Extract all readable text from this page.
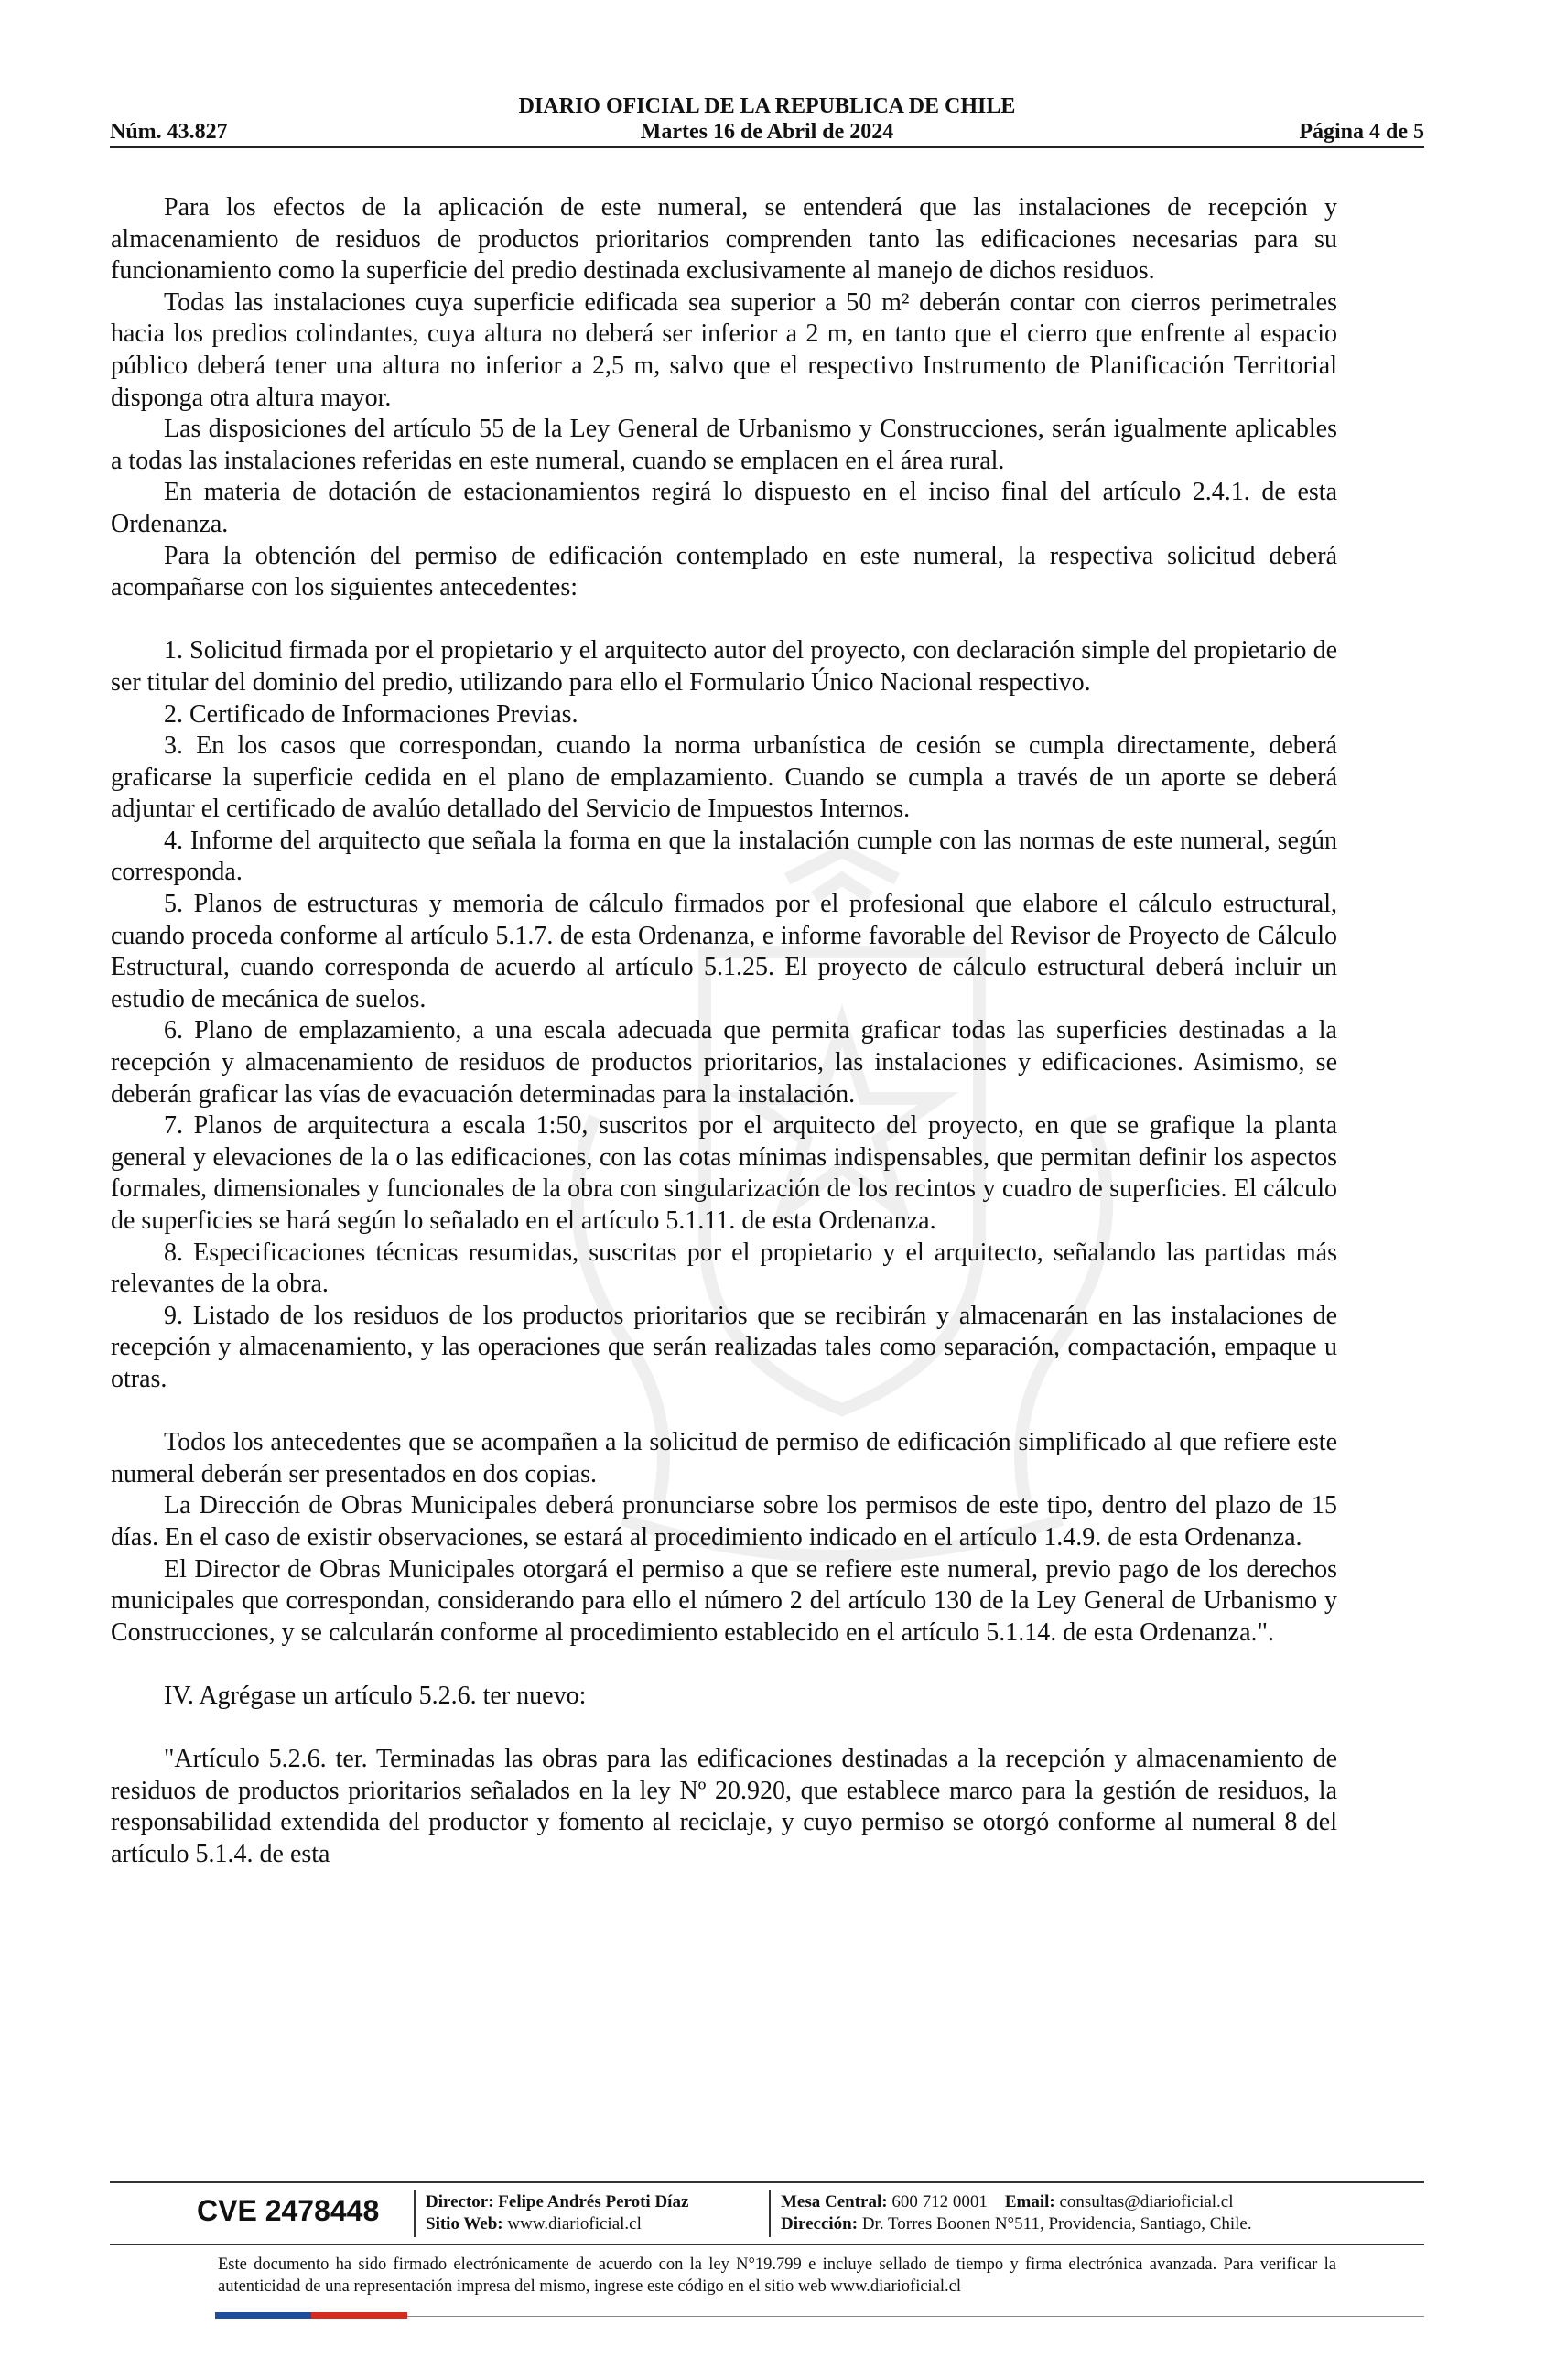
DIARIO OFICIAL DE LA REPUBLICA DE CHILE
Núm. 43.827	Martes 16 de Abril de 2024	Página 4 de 5

Para los efectos de la aplicación de este numeral, se entenderá que las instalaciones de recepción y almacenamiento de residuos de productos prioritarios comprenden tanto las edificaciones necesarias para su funcionamiento como la superficie del predio destinada exclusivamente al manejo de dichos residuos.

Todas las instalaciones cuya superficie edificada sea superior a 50 m² deberán contar con cierros perimetrales hacia los predios colindantes, cuya altura no deberá ser inferior a 2 m, en tanto que el cierro que enfrente al espacio público deberá tener una altura no inferior a 2,5 m, salvo que el respectivo Instrumento de Planificación Territorial disponga otra altura mayor.

Las disposiciones del artículo 55 de la Ley General de Urbanismo y Construcciones, serán igualmente aplicables a todas las instalaciones referidas en este numeral, cuando se emplacen en el área rural.

En materia de dotación de estacionamientos regirá lo dispuesto en el inciso final del artículo 2.4.1. de esta Ordenanza.

Para la obtención del permiso de edificación contemplado en este numeral, la respectiva solicitud deberá acompañarse con los siguientes antecedentes:

1. Solicitud firmada por el propietario y el arquitecto autor del proyecto, con declaración simple del propietario de ser titular del dominio del predio, utilizando para ello el Formulario Único Nacional respectivo.

2. Certificado de Informaciones Previas.

3. En los casos que correspondan, cuando la norma urbanística de cesión se cumpla directamente, deberá graficarse la superficie cedida en el plano de emplazamiento. Cuando se cumpla a través de un aporte se deberá adjuntar el certificado de avalúo detallado del Servicio de Impuestos Internos.

4. Informe del arquitecto que señala la forma en que la instalación cumple con las normas de este numeral, según corresponda.

5. Planos de estructuras y memoria de cálculo firmados por el profesional que elabore el cálculo estructural, cuando proceda conforme al artículo 5.1.7. de esta Ordenanza, e informe favorable del Revisor de Proyecto de Cálculo Estructural, cuando corresponda de acuerdo al artículo 5.1.25. El proyecto de cálculo estructural deberá incluir un estudio de mecánica de suelos.

6. Plano de emplazamiento, a una escala adecuada que permita graficar todas las superficies destinadas a la recepción y almacenamiento de residuos de productos prioritarios, las instalaciones y edificaciones. Asimismo, se deberán graficar las vías de evacuación determinadas para la instalación.

7. Planos de arquitectura a escala 1:50, suscritos por el arquitecto del proyecto, en que se grafique la planta general y elevaciones de la o las edificaciones, con las cotas mínimas indispensables, que permitan definir los aspectos formales, dimensionales y funcionales de la obra con singularización de los recintos y cuadro de superficies. El cálculo de superficies se hará según lo señalado en el artículo 5.1.11. de esta Ordenanza.

8. Especificaciones técnicas resumidas, suscritas por el propietario y el arquitecto, señalando las partidas más relevantes de la obra.

9. Listado de los residuos de los productos prioritarios que se recibirán y almacenarán en las instalaciones de recepción y almacenamiento, y las operaciones que serán realizadas tales como separación, compactación, empaque u otras.

Todos los antecedentes que se acompañen a la solicitud de permiso de edificación simplificado al que refiere este numeral deberán ser presentados en dos copias.

La Dirección de Obras Municipales deberá pronunciarse sobre los permisos de este tipo, dentro del plazo de 15 días. En el caso de existir observaciones, se estará al procedimiento indicado en el artículo 1.4.9. de esta Ordenanza.

El Director de Obras Municipales otorgará el permiso a que se refiere este numeral, previo pago de los derechos municipales que correspondan, considerando para ello el número 2 del artículo 130 de la Ley General de Urbanismo y Construcciones, y se calcularán conforme al procedimiento establecido en el artículo 5.1.14. de esta Ordenanza.".

IV. Agrégase un artículo 5.2.6. ter nuevo:

"Artículo 5.2.6. ter. Terminadas las obras para las edificaciones destinadas a la recepción y almacenamiento de residuos de productos prioritarios señalados en la ley Nº 20.920, que establece marco para la gestión de residuos, la responsabilidad extendida del productor y fomento al reciclaje, y cuyo permiso se otorgó conforme al numeral 8 del artículo 5.1.4. de esta

CVE 2478448	Director: Felipe Andrés Peroti Díaz
Sitio Web: www.diarioficial.cl
Mesa Central: 600 712 0001 Email: consultas@diarioficial.cl
Dirección: Dr. Torres Boonen N°511, Providencia, Santiago, Chile.
Este documento ha sido firmado electrónicamente de acuerdo con la ley N°19.799 e incluye sellado de tiempo y firma electrónica avanzada. Para verificar la autenticidad de una representación impresa del mismo, ingrese este código en el sitio web www.diarioficial.cl
